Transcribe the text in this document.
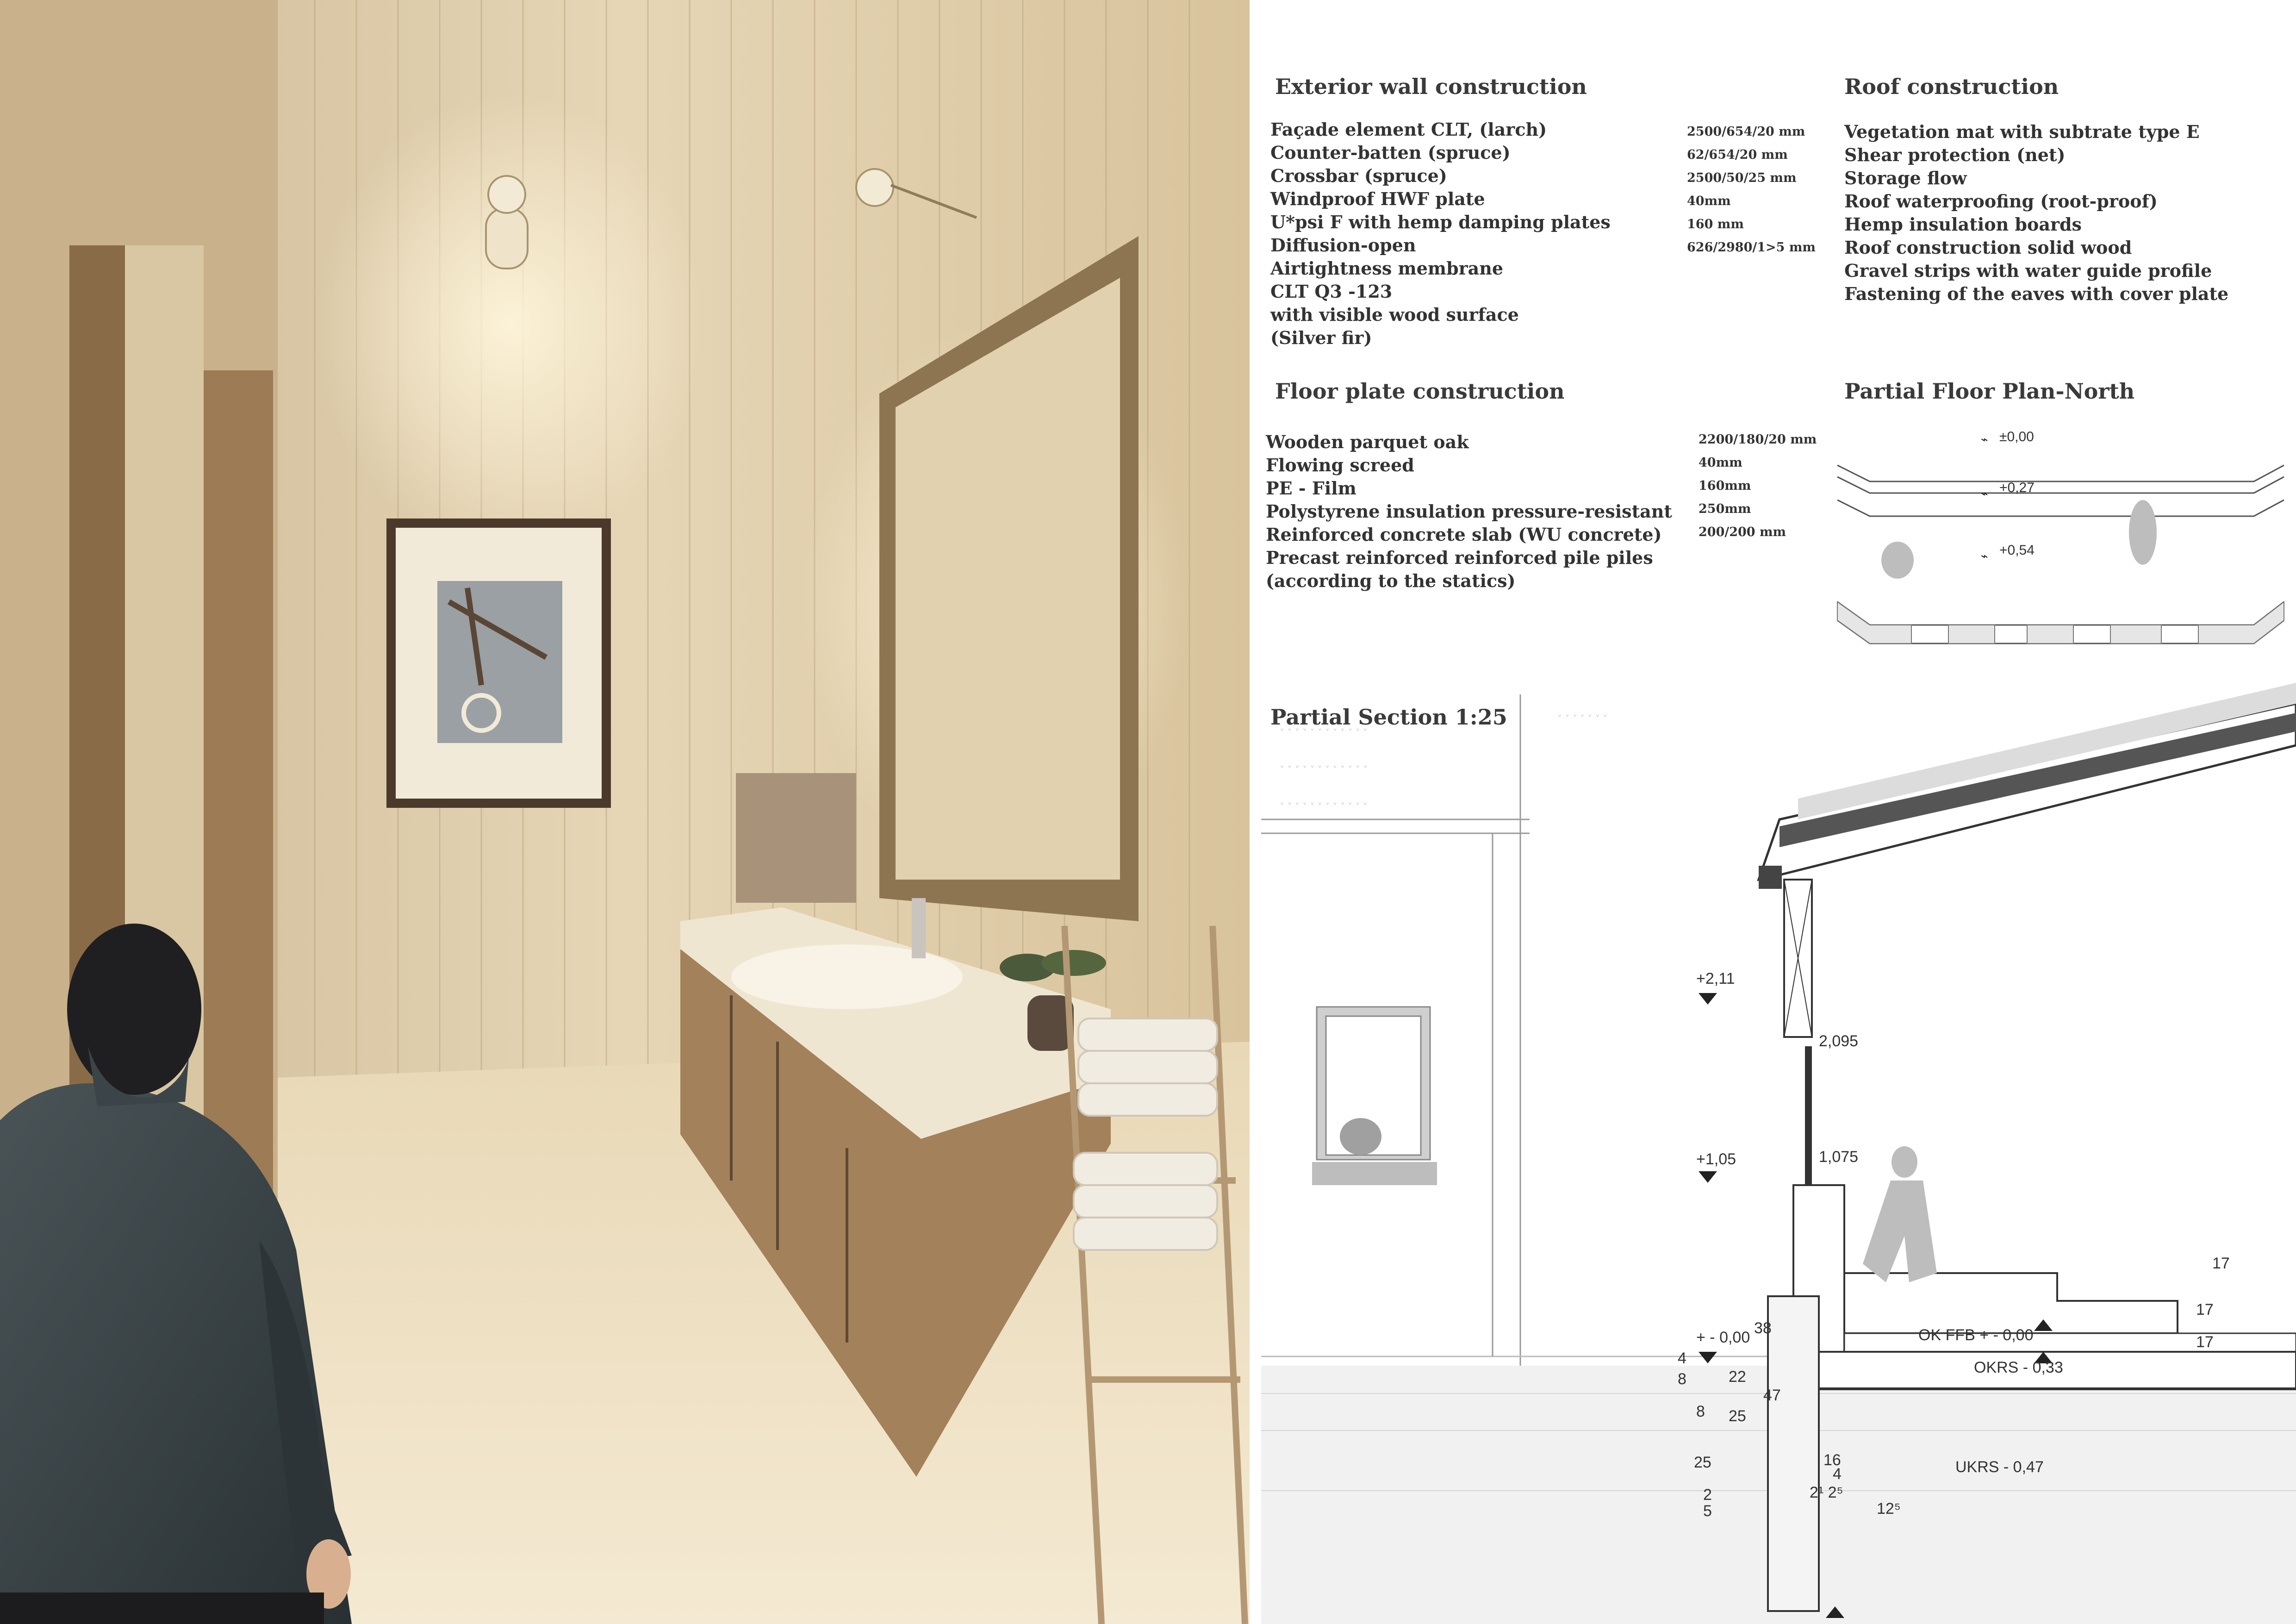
Exterior wall construction
Façade element CLT, (larch)
Counter-batten (spruce)
Crossbar (spruce)
Windproof HWF plate
U*psi F with hemp damping plates
Diffusion-open
Airtightness membrane
CLT Q3 -123
with visible wood surface
(Silver fir)
2500/654/20 mm
62/654/20 mm
2500/50/25 mm
40mm
160 mm
626/2980/1>5 mm
Roof construction
Vegetation mat with subtrate type E
Shear protection (net)
Storage flow
Roof waterproofing (root-proof)
Hemp insulation boards
Roof construction solid wood
Gravel strips with water guide profile
Fastening of the eaves with cover plate
Floor plate construction
Wooden parquet oak
Flowing screed
PE - Film
Polystyrene insulation pressure-resistant
Reinforced concrete slab (WU concrete)
Precast reinforced reinforced pile piles
(according to the statics)
2200/180/20 mm
40mm
160mm
250mm
200/200 mm
Partial Floor Plan-North
±0,00
⌁
+0,27
⌁
+0,54
⌁
Partial Section 1:25
˅ ˅ ˅ ˅ ˅ ˅ ˅ ˅ ˅ ˅ ˅ ˅
˅ ˅ ˅ ˅ ˅ ˅ ˅ ˅ ˅ ˅ ˅ ˅
˅ ˅ ˅ ˅ ˅ ˅ ˅ ˅ ˅ ˅ ˅ ˅
˅ ˅ ˅ ˅ ˅ ˅ ˅
+2,11
+1,05
+ - 0,00	OK FFB + - 0,00
OKRS - 0,33
UKRS - 0,47
2,095
1,075
17
17
17
4
8
8
22
25
25
47
38
2
16
4
2¹ 2⁵
5	12⁵
